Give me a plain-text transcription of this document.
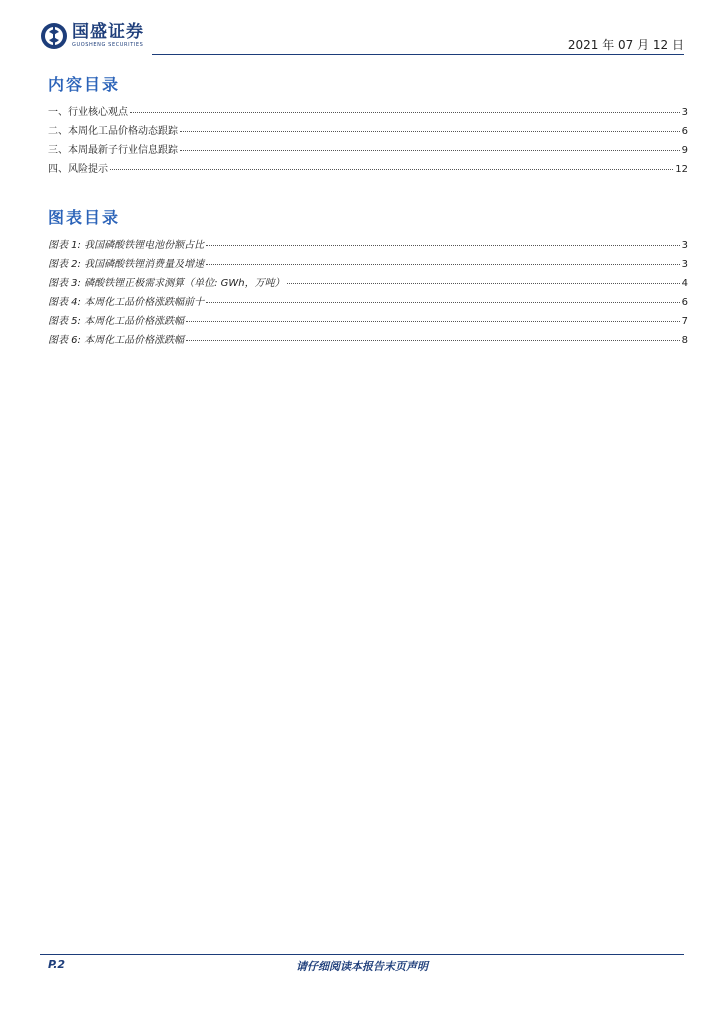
国盛证券
GUOSHENG SECURITIES	2021 年 07 月 12 日
内容目录
一、行业核心观点	3
二、本周化工品价格动态跟踪	6
三、本周最新子行业信息跟踪	9
四、风险提示	12
图表目录
图表 1: 我国磷酸铁锂电池份额占比	3
图表 2: 我国磷酸铁锂消费量及增速	3
图表 3: 磷酸铁锂正极需求测算（单位: GWh，万吨）	4
图表 4: 本周化工品价格涨跌幅前十	6
图表 5: 本周化工品价格涨跌幅	7
图表 6: 本周化工品价格涨跌幅	8
P.2	请仔细阅读本报告末页声明
